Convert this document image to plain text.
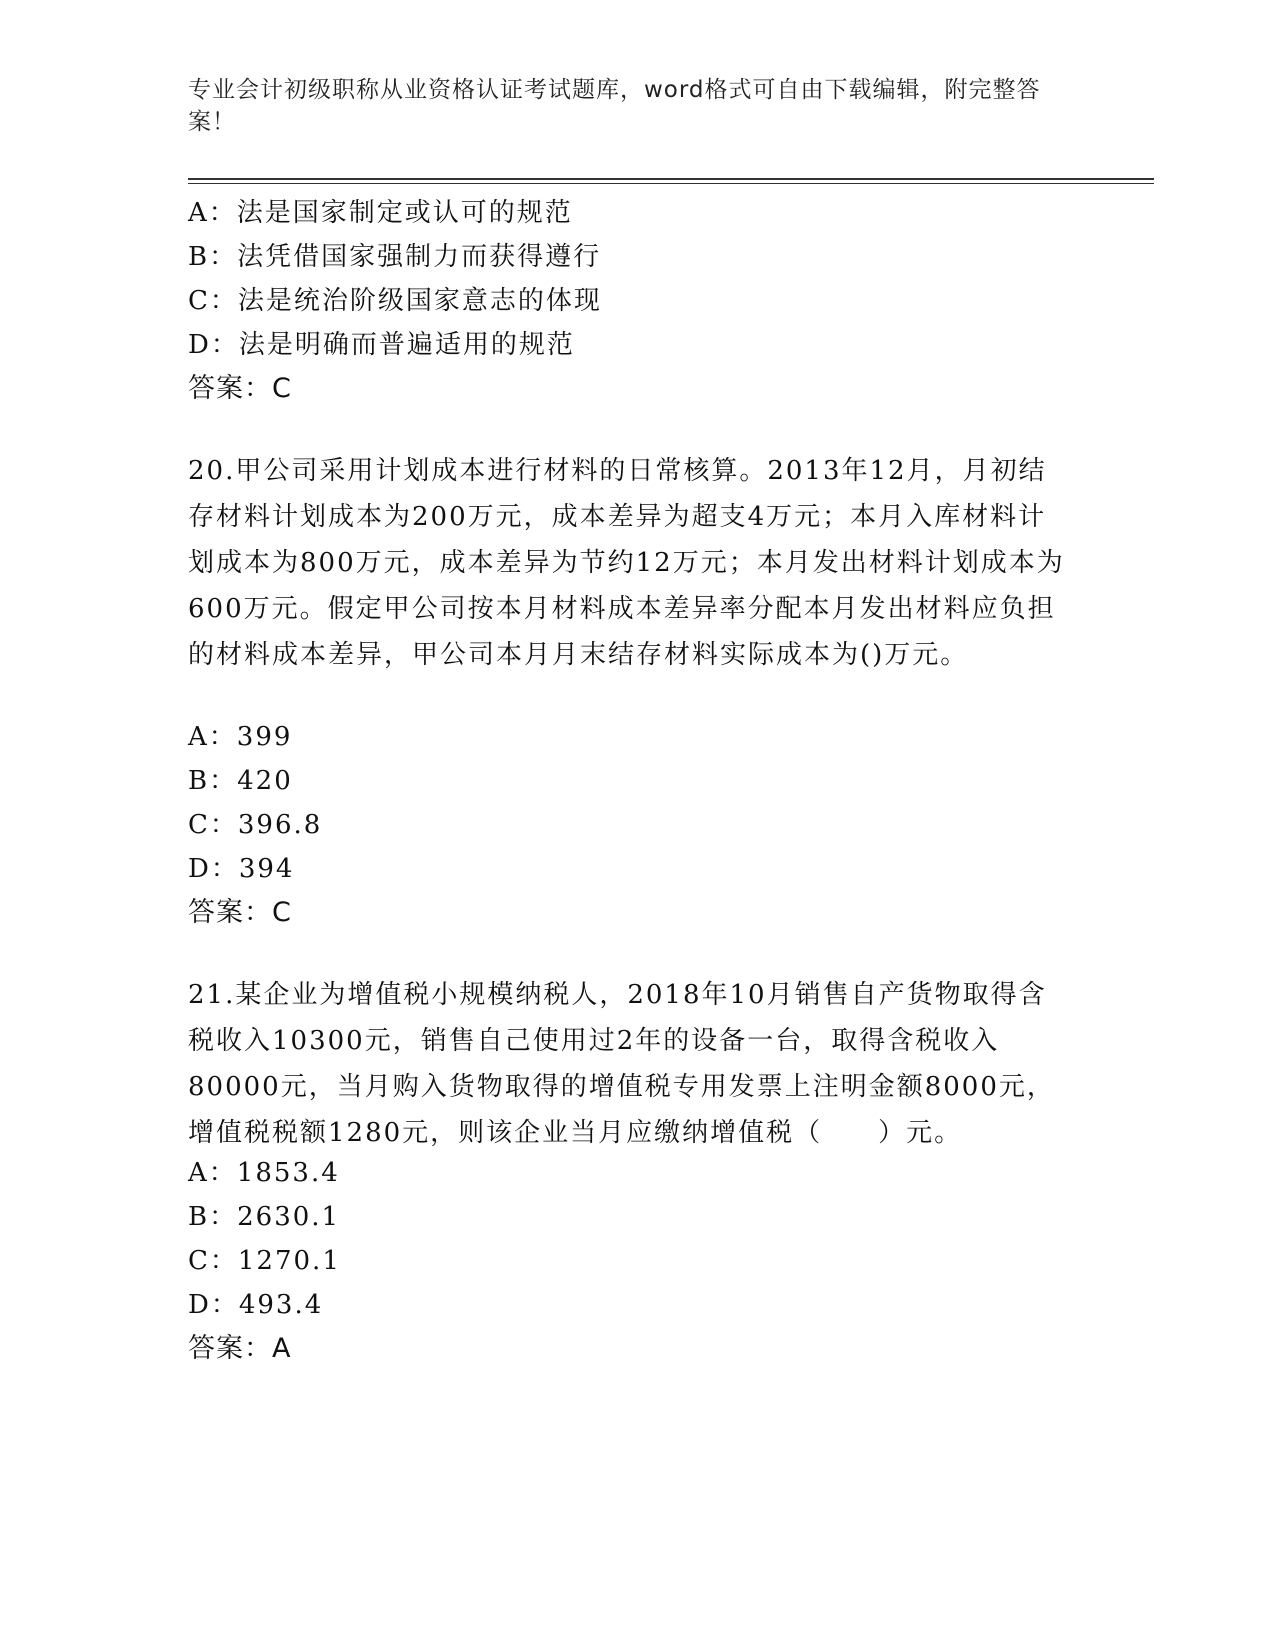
专业会计初级职称从业资格认证考试题库，word格式可自由下载编辑，附完整答案！
A：法是国家制定或认可的规范
B：法凭借国家强制力而获得遵行
C：法是统治阶级国家意志的体现
D：法是明确而普遍适用的规范
答案：C
20.甲公司采用计划成本进行材料的日常核算。2013年12月，月初结存材料计划成本为200万元，成本差异为超支4万元；本月入库材料计划成本为800万元，成本差异为节约12万元；本月发出材料计划成本为600万元。假定甲公司按本月材料成本差异率分配本月发出材料应负担的材料成本差异，甲公司本月月末结存材料实际成本为()万元。
A：399
B：420
C：396.8
D：394
答案：C
21.某企业为增值税小规模纳税人，2018年10月销售自产货物取得含税收入10300元，销售自己使用过2年的设备一台，取得含税收入80000元，当月购入货物取得的增值税专用发票上注明金额8000元，增值税税额1280元，则该企业当月应缴纳增值税（　　）元。
A：1853.4
B：2630.1
C：1270.1
D：493.4
答案：A
